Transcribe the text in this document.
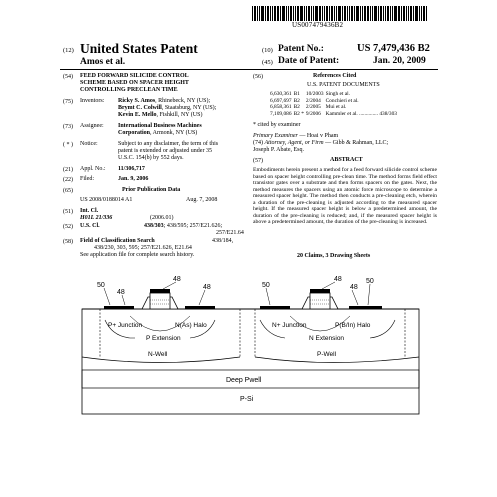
US007479436B2
(12) United States Patent
Amos et al.
(10) Patent No.:	US 7,479,436 B2
(45) Date of Patent:	Jan. 20, 2009
(54) FEED FORWARD SILICIDE CONTROL
SCHEME BASED ON SPACER HEIGHT
CONTROLLING PRECLEAN TIME
(75) Inventors: Ricky S. Amos, Rhinebeck, NY (US);
Brymt C. Colwill, Staatsburg, NY (US);
Kevin E. Mello, Fishkill, NY (US)
(73) Assignee: International Business Machines
Corporation, Armonk, NY (US)
( * ) Notice:	Subject to any disclaimer, the term of this
patent is extended or adjusted under 35
U.S.C. 154(b) by 552 days.
(21) Appl. No.: 11/306,717
(22) Filed:	Jan. 9, 2006
(65)	Prior Publication Data
US 2008/0188014 A1	Aug. 7, 2008
(51) Int. Cl.
H01L 21/336	(2006.01)
(52) U.S. Cl.	438/303; 438/595; 257/E21.626;
257/E21.64
(58) Field of Classification Search	438/184,
438/230, 303, 595; 257/E21.626, E21.64
See application file for complete search history.
(56)	References Cited
U.S. PATENT DOCUMENTS
6,630,361	B1	10/2003	Singh et al.
6,697,697	B2	2/2004	Conchieri et al.
6,858,361	B2	2/2005	Mui et al.
7,109,086	B2 *	9/2006	Kammler et al. .............. 438/303
* cited by examiner
Primary Examiner — Hoai v Pham
(74) Attorney, Agent, or Firm — Gibb & Rahman, LLC;
Joseph P. Abate, Esq.
(57)	ABSTRACT
Embodiments herein present a method for a feed forward silicide control scheme based on spacer height controlling pre-clean time. The method forms field effect transistor gates over a substrate and then forms spacers on the gates. Next, the method measures the spacers using an atomic force microscope to determine a measured spacer height. The method then conducts a pre-cleaning etch, wherein a duration of the pre-cleaning is adjusted according to the measured spacer height. If the measured spacer height is below a predetermined amount, the duration of the pre-cleaning is reduced; and, if the measured spacer height is above a predetermined amount, the duration of the pre-cleaning is increased.
20 Claims, 3 Drawing Sheets
50
48
48
48
48
50	48
50
P+ Junction	N(As) Halo	N+ Junction	P(B/In) Halo
P Extension	N Extension
N-Well	P-Well
Deep Pwell
P-Si
